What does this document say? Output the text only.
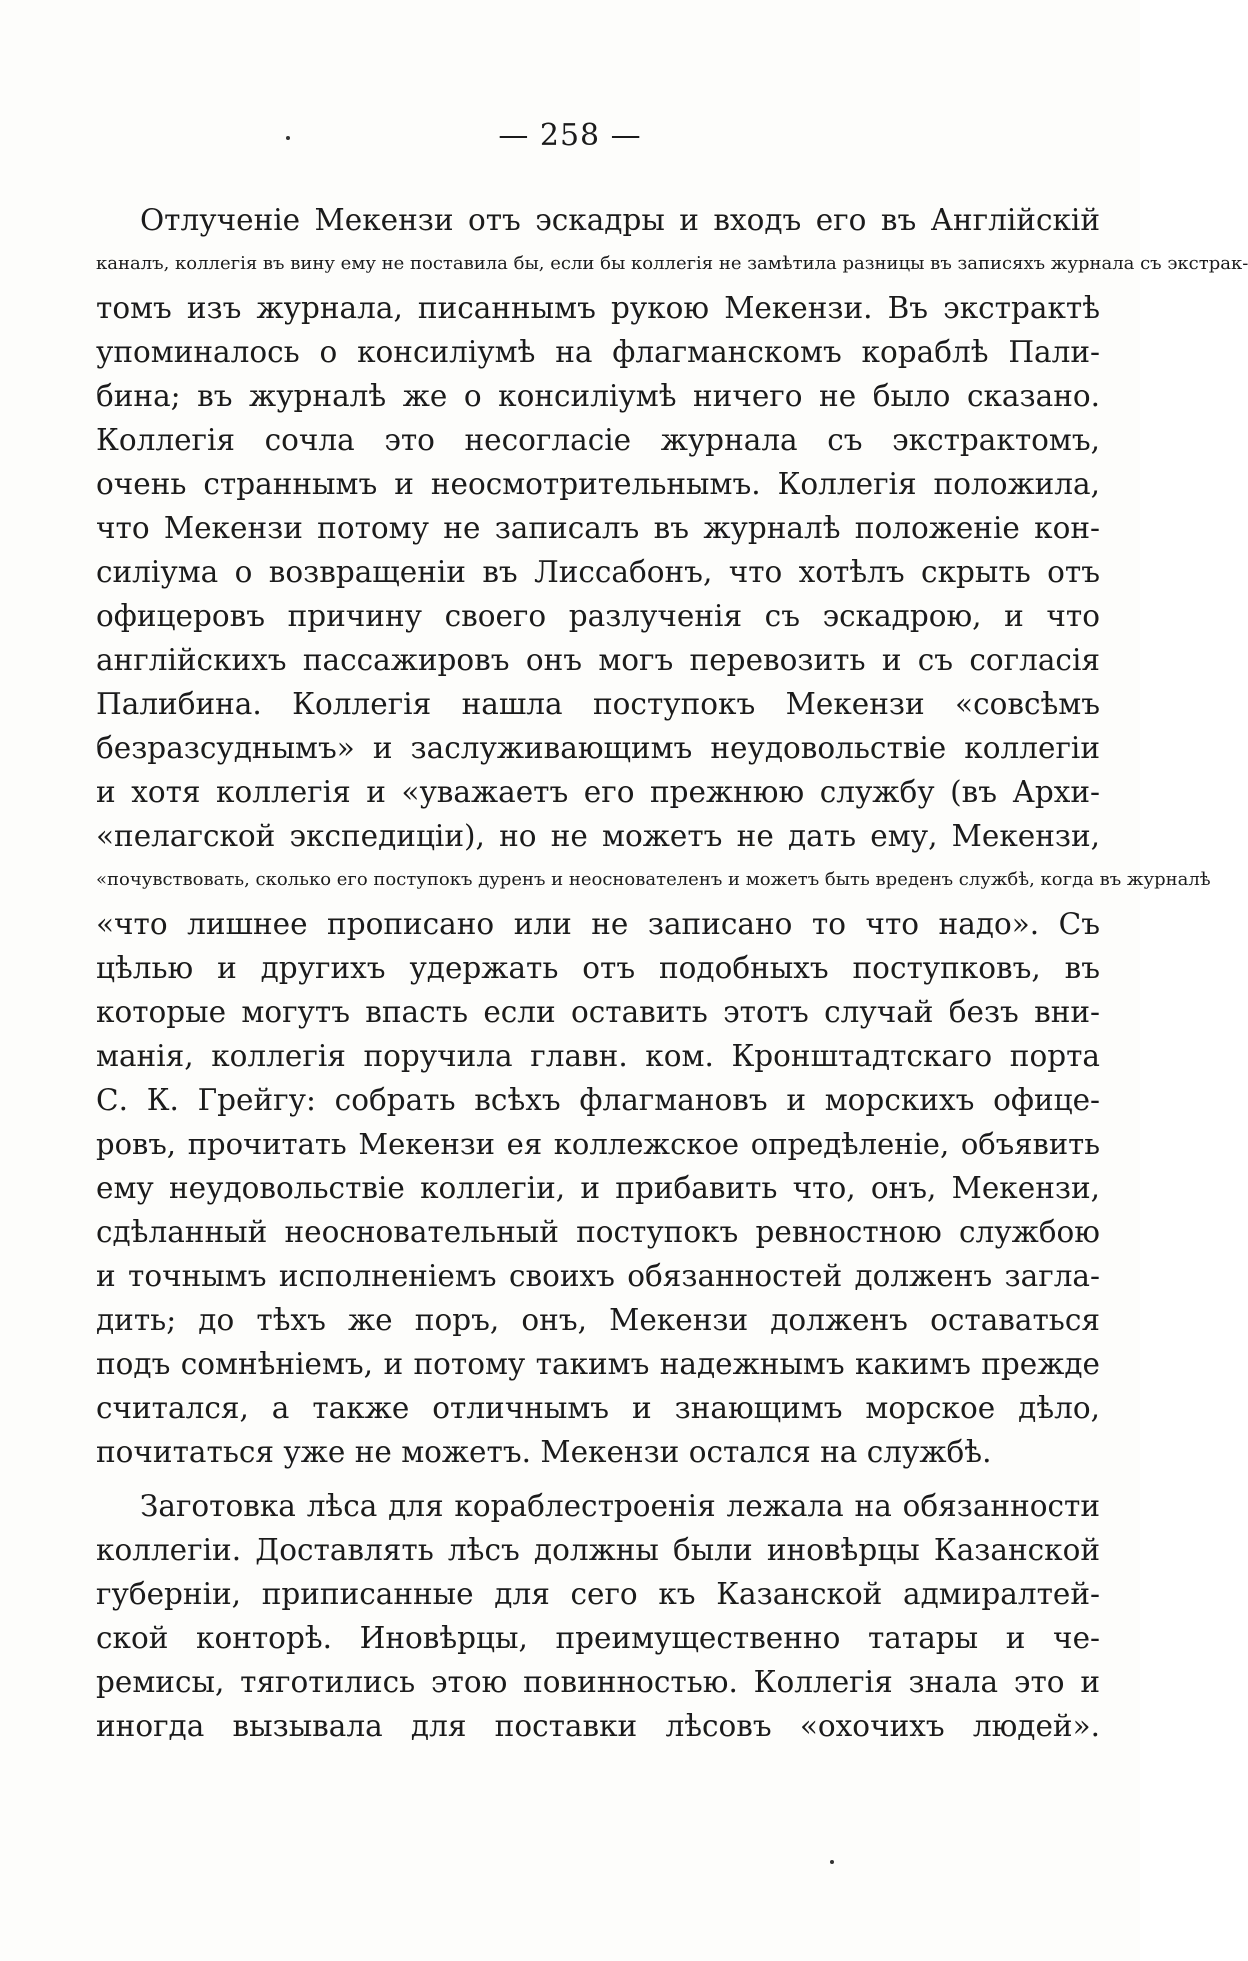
— 258 —
Отлученіе Мекензи отъ эскадры и входъ его въ Англійскій
каналъ, коллегія въ вину ему не поставила бы, если бы коллегія не замѣтила разницы въ записяхъ журнала съ экстрак-
томъ изъ журнала, писаннымъ рукою Мекензи. Въ экстрактѣ
упоминалось о консиліумѣ на флагманскомъ кораблѣ Пали-
бина; въ журналѣ же о консиліумѣ ничего не было сказано.
Коллегія сочла это несогласіе журнала съ экстрактомъ,
очень страннымъ и неосмотрительнымъ. Коллегія положила,
что Мекензи потому не записалъ въ журналѣ положеніе кон-
силіума о возвращеніи въ Лиссабонъ, что хотѣлъ скрыть отъ
офицеровъ причину своего разлученія съ эскадрою, и что
англійскихъ пассажировъ онъ могъ перевозить и съ согласія
Палибина. Коллегія нашла поступокъ Мекензи «совсѣмъ
безразсуднымъ» и заслуживающимъ неудовольствіе коллегіи
и хотя коллегія и «уважаетъ его прежнюю службу (въ Архи-
«пелагской экспедиціи), но не можетъ не дать ему, Мекензи,
«почувствовать, сколько его поступокъ дуренъ и неоснователенъ и можетъ быть вреденъ службѣ, когда въ журналѣ
«что лишнее прописано или не записано то что надо». Съ
цѣлью и другихъ удержать отъ подобныхъ поступковъ, въ
которые могутъ впасть если оставить этотъ случай безъ вни-
манія, коллегія поручила главн. ком. Кронштадтскаго порта
С. К. Грейгу: собрать всѣхъ флагмановъ и морскихъ офице-
ровъ, прочитать Мекензи ея коллежское опредѣленіе, объявить
ему неудовольствіе коллегіи, и прибавить что, онъ, Мекензи,
сдѣланный неосновательный поступокъ ревностною службою
и точнымъ исполненіемъ своихъ обязанностей долженъ загла-
дить; до тѣхъ же поръ, онъ, Мекензи долженъ оставаться
подъ сомнѣніемъ, и потому такимъ надежнымъ какимъ прежде
считался, а также отличнымъ и знающимъ морское дѣло,
почитаться уже не можетъ. Мекензи остался на службѣ.
Заготовка лѣса для кораблестроенія лежала на обязанности
коллегіи. Доставлять лѣсъ должны были иновѣрцы Казанской
губерніи, приписанные для сего къ Казанской адмиралтей-
ской конторѣ. Иновѣрцы, преимущественно татары и че-
ремисы, тяготились этою повинностью. Коллегія знала это и
иногда вызывала для поставки лѣсовъ «охочихъ людей».
